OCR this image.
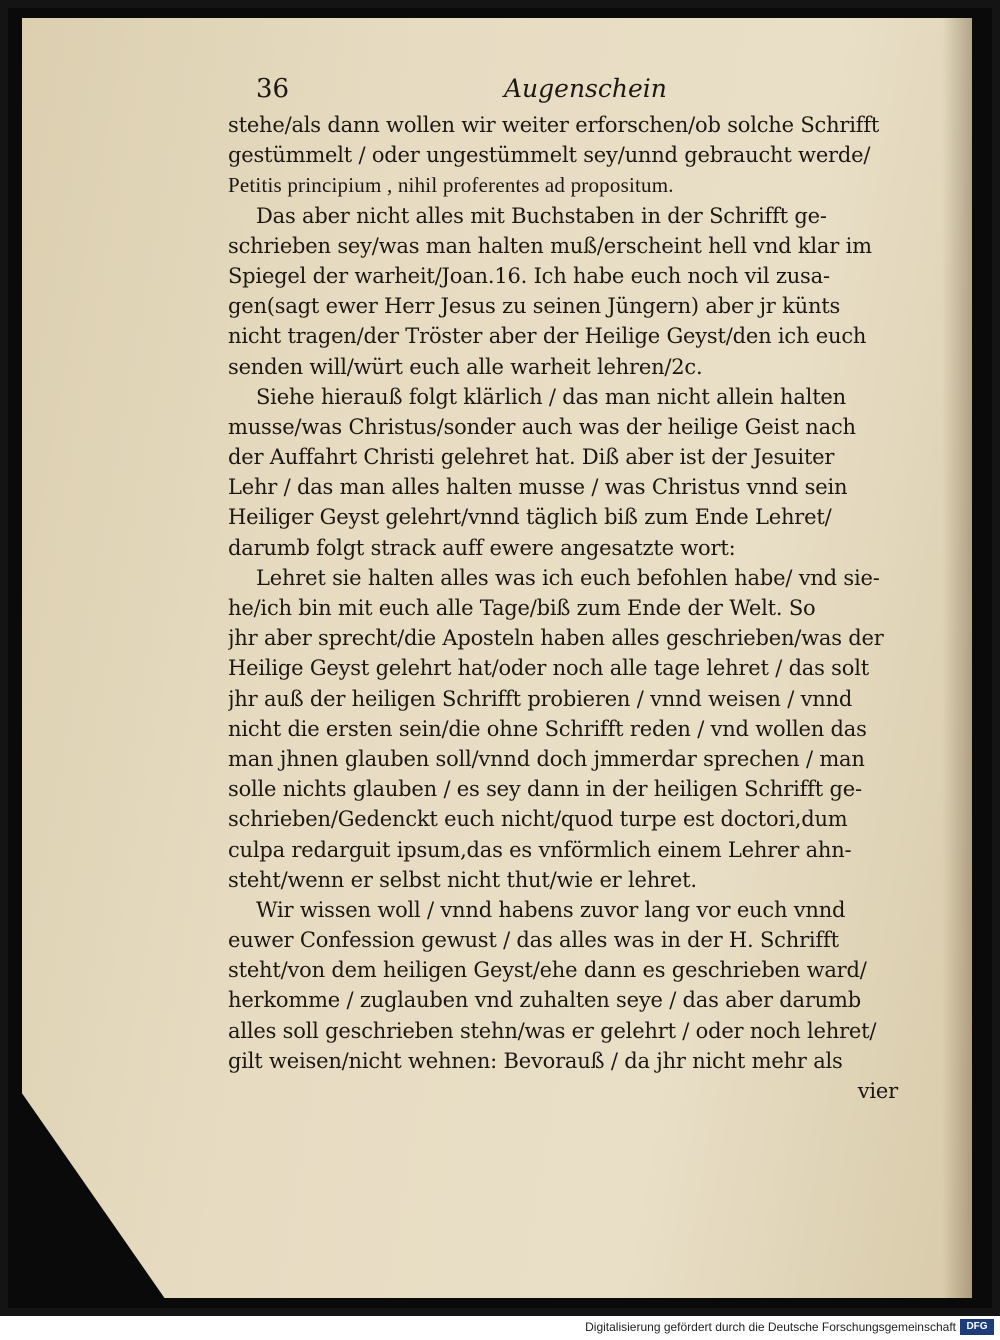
36	Augenschein
stehe/als dann wollen wir weiter erforschen/ob solche Schrifft
gestümmelt / oder ungestümmelt sey/unnd gebraucht werde/
Petitis principium , nihil proferentes ad propositum.
Das aber nicht alles mit Buchstaben in der Schrifft ge-
schrieben sey/was man halten muß/erscheint hell vnd klar im
Spiegel der warheit/Joan.16. Ich habe euch noch vil zusa-
gen(sagt ewer Herr Jesus zu seinen Jüngern) aber jr künts
nicht tragen/der Tröster aber der Heilige Geyst/den ich euch
senden will/würt euch alle warheit lehren/2c.
Siehe hierauß folgt klärlich / das man nicht allein halten
musse/was Christus/sonder auch was der heilige Geist nach
der Auffahrt Christi gelehret hat. Diß aber ist der Jesuiter
Lehr / das man alles halten musse / was Christus vnnd sein
Heiliger Geyst gelehrt/vnnd täglich biß zum Ende Lehret/
darumb folgt strack auff ewere angesatzte wort:
Lehret sie halten alles was ich euch befohlen habe/ vnd sie-
he/ich bin mit euch alle Tage/biß zum Ende der Welt. So
jhr aber sprecht/die Aposteln haben alles geschrieben/was der
Heilige Geyst gelehrt hat/oder noch alle tage lehret / das solt
jhr auß der heiligen Schrifft probieren / vnnd weisen / vnnd
nicht die ersten sein/die ohne Schrifft reden / vnd wollen das
man jhnen glauben soll/vnnd doch jmmerdar sprechen / man
solle nichts glauben / es sey dann in der heiligen Schrifft ge-
schrieben/Gedenckt euch nicht/quod turpe est doctori,dum
culpa redarguit ipsum,das es vnförmlich einem Lehrer ahn-
steht/wenn er selbst nicht thut/wie er lehret.
Wir wissen woll / vnnd habens zuvor lang vor euch vnnd
euwer Confession gewust / das alles was in der H. Schrifft
steht/von dem heiligen Geyst/ehe dann es geschrieben ward/
herkomme / zuglauben vnd zuhalten seye / das aber darumb
alles soll geschrieben stehn/was er gelehrt / oder noch lehret/
gilt weisen/nicht wehnen: Bevorauß / da jhr nicht mehr als
vier
Digitalisierung gefördert durch die Deutsche Forschungsgemeinschaft	DFG
